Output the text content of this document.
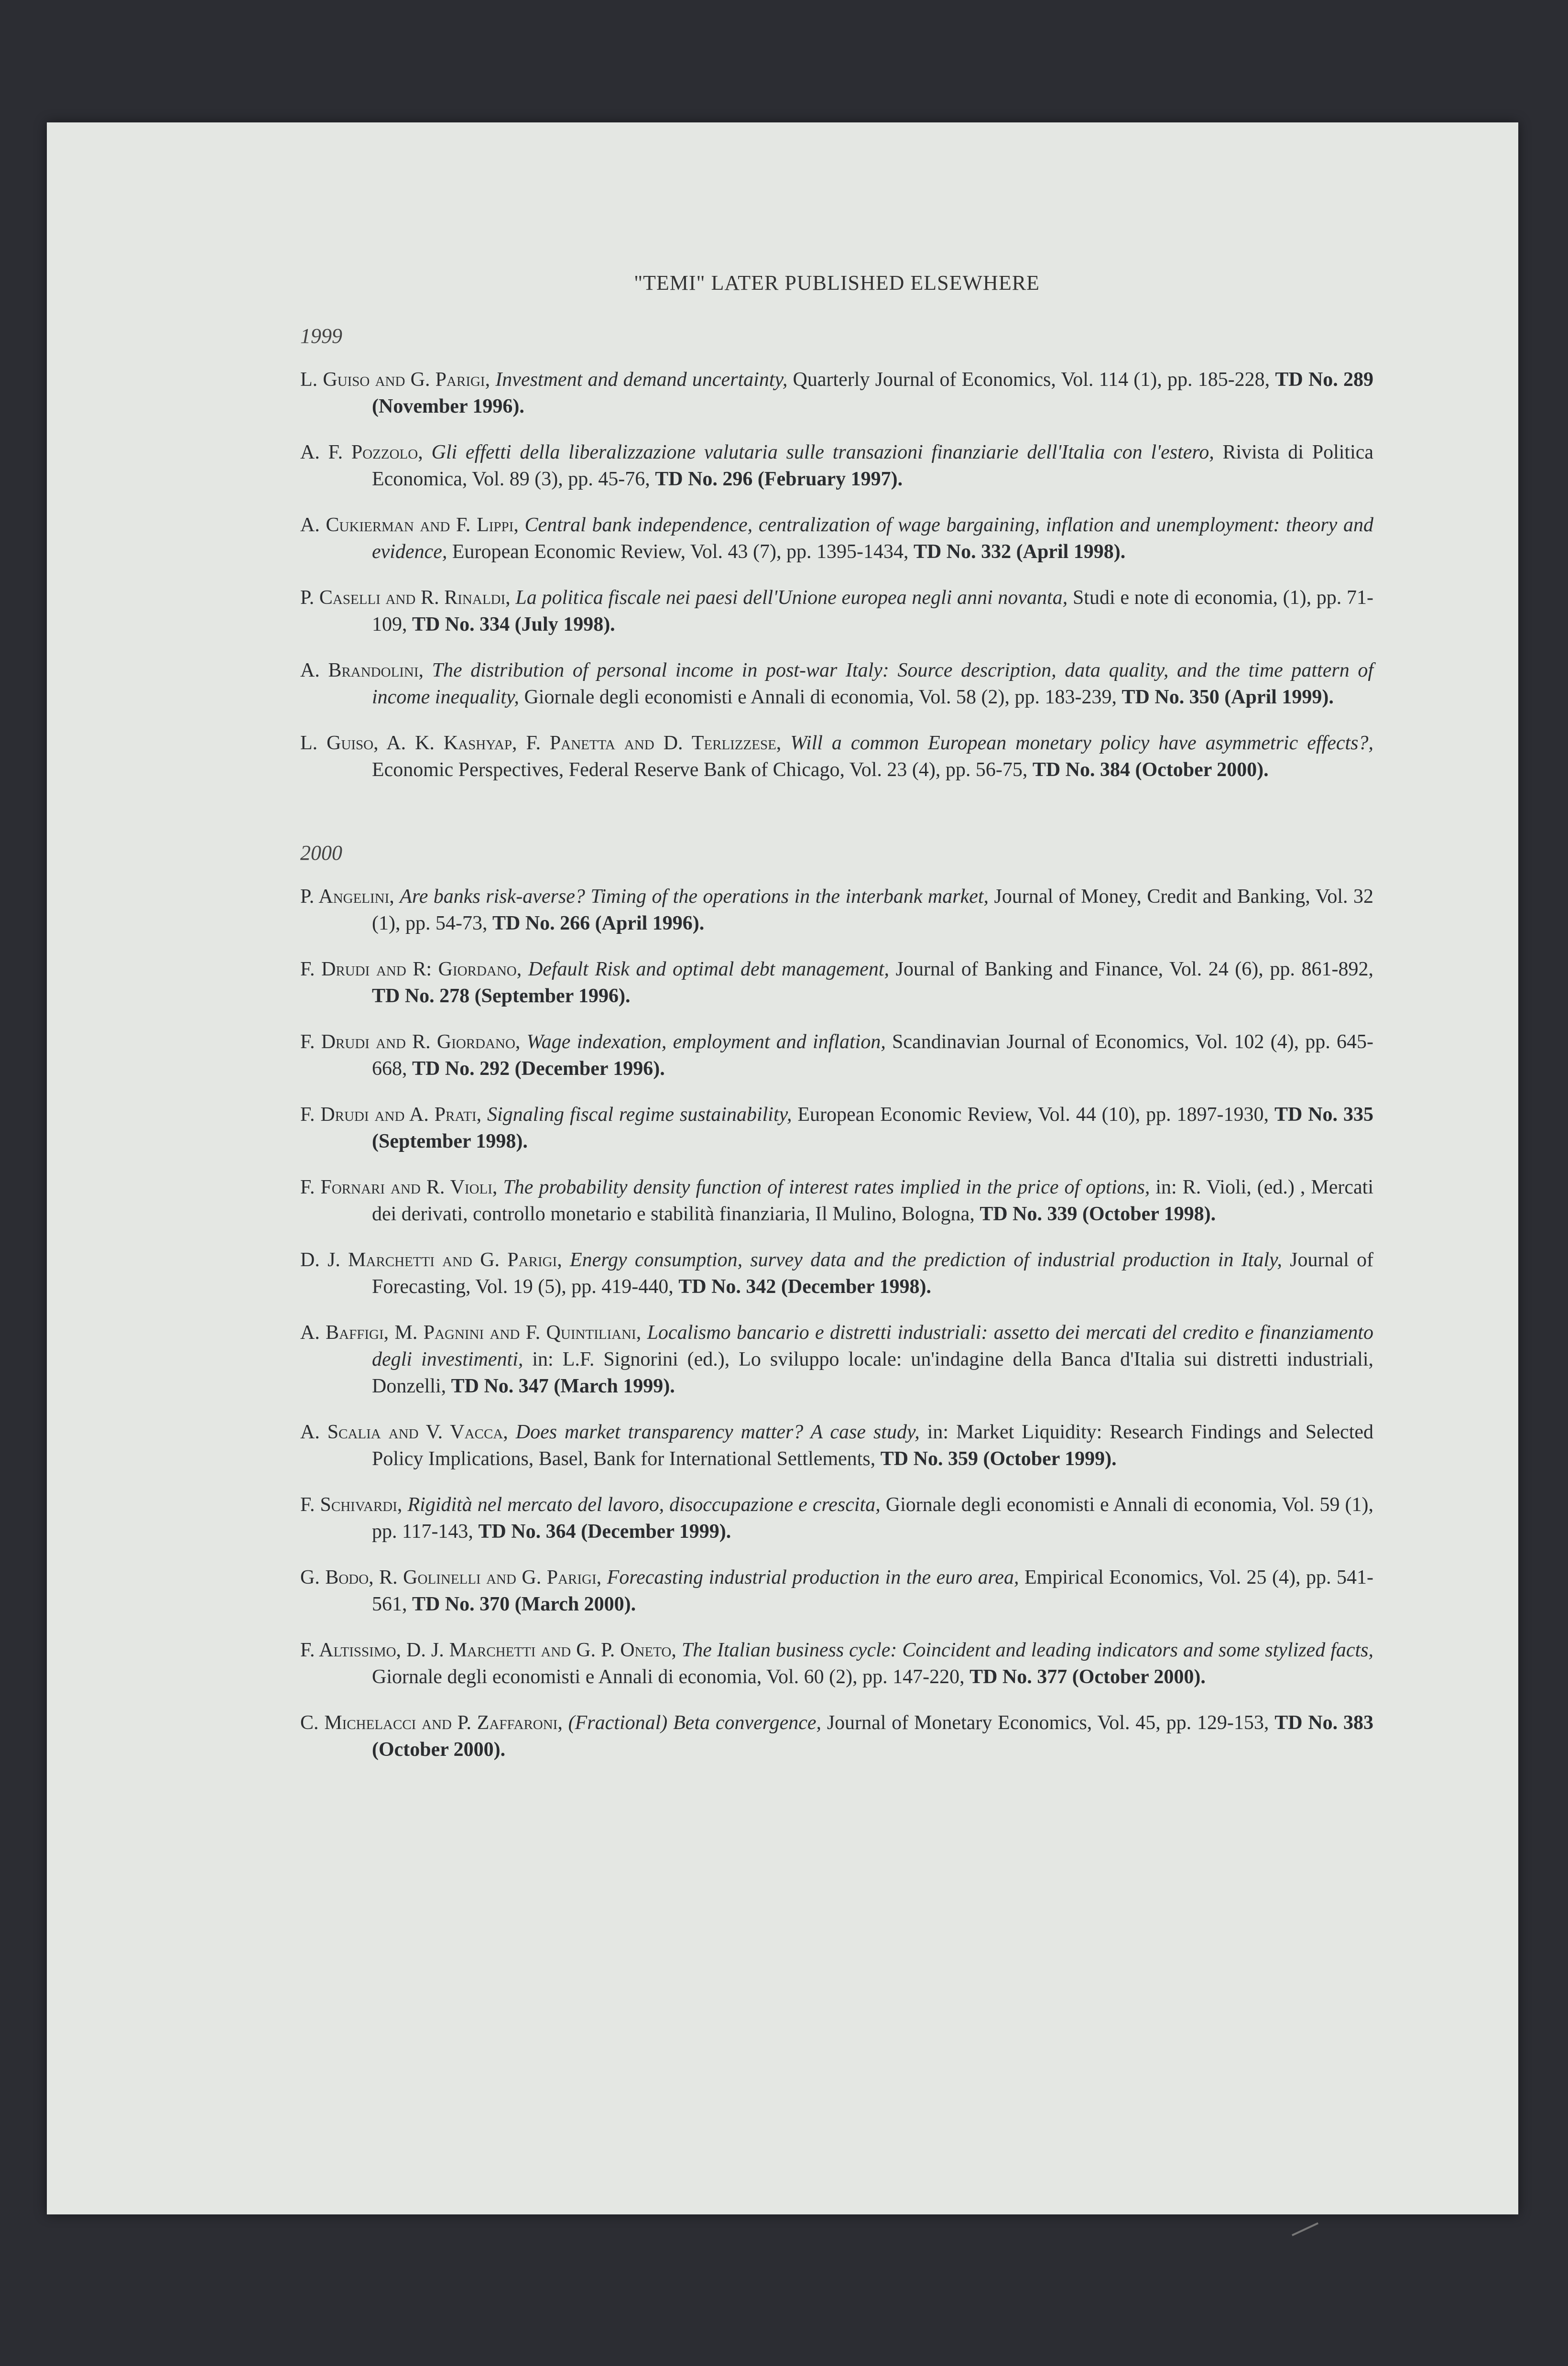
"TEMI" LATER PUBLISHED ELSEWHERE
1999

L. Guiso and G. Parigi, Investment and demand uncertainty, Quarterly Journal of Economics, Vol. 114 (1), pp. 185-228, TD No. 289 (November 1996).

A. F. Pozzolo, Gli effetti della liberalizzazione valutaria sulle transazioni finanziarie dell'Italia con l'estero, Rivista di Politica Economica, Vol. 89 (3), pp. 45-76, TD No. 296 (February 1997).

A. Cukierman and F. Lippi, Central bank independence, centralization of wage bargaining, inflation and unemployment: theory and evidence, European Economic Review, Vol. 43 (7), pp. 1395-1434, TD No. 332 (April 1998).

P. Caselli and R. Rinaldi, La politica fiscale nei paesi dell'Unione europea negli anni novanta, Studi e note di economia, (1), pp. 71-109, TD No. 334 (July 1998).

A. Brandolini, The distribution of personal income in post-war Italy: Source description, data quality, and the time pattern of income inequality, Giornale degli economisti e Annali di economia, Vol. 58 (2), pp. 183-239, TD No. 350 (April 1999).

L. Guiso, A. K. Kashyap, F. Panetta and D. Terlizzese, Will a common European monetary policy have asymmetric effects?, Economic Perspectives, Federal Reserve Bank of Chicago, Vol. 23 (4), pp. 56-75, TD No. 384 (October 2000).

2000

P. Angelini, Are banks risk-averse? Timing of the operations in the interbank market, Journal of Money, Credit and Banking, Vol. 32 (1), pp. 54-73, TD No. 266 (April 1996).

F. Drudi and R: Giordano, Default Risk and optimal debt management, Journal of Banking and Finance, Vol. 24 (6), pp. 861-892, TD No. 278 (September 1996).

F. Drudi and R. Giordano, Wage indexation, employment and inflation, Scandinavian Journal of Economics, Vol. 102 (4), pp. 645-668, TD No. 292 (December 1996).

F. Drudi and A. Prati, Signaling fiscal regime sustainability, European Economic Review, Vol. 44 (10), pp. 1897-1930, TD No. 335 (September 1998).

F. Fornari and R. Violi, The probability density function of interest rates implied in the price of options, in: R. Violi, (ed.) , Mercati dei derivati, controllo monetario e stabilità finanziaria, Il Mulino, Bologna, TD No. 339 (October 1998).

D. J. Marchetti and G. Parigi, Energy consumption, survey data and the prediction of industrial production in Italy, Journal of Forecasting, Vol. 19 (5), pp. 419-440, TD No. 342 (December 1998).

A. Baffigi, M. Pagnini and F. Quintiliani, Localismo bancario e distretti industriali: assetto dei mercati del credito e finanziamento degli investimenti, in: L.F. Signorini (ed.), Lo sviluppo locale: un'indagine della Banca d'Italia sui distretti industriali, Donzelli, TD No. 347 (March 1999).

A. Scalia and V. Vacca, Does market transparency matter? A case study, in: Market Liquidity: Research Findings and Selected Policy Implications, Basel, Bank for International Settlements, TD No. 359 (October 1999).

F. Schivardi, Rigidità nel mercato del lavoro, disoccupazione e crescita, Giornale degli economisti e Annali di economia, Vol. 59 (1), pp. 117-143, TD No. 364 (December 1999).

G. Bodo, R. Golinelli and G. Parigi, Forecasting industrial production in the euro area, Empirical Economics, Vol. 25 (4), pp. 541-561, TD No. 370 (March 2000).

F. Altissimo, D. J. Marchetti and G. P. Oneto, The Italian business cycle: Coincident and leading indicators and some stylized facts, Giornale degli economisti e Annali di economia, Vol. 60 (2), pp. 147-220, TD No. 377 (October 2000).

C. Michelacci and P. Zaffaroni, (Fractional) Beta convergence, Journal of Monetary Economics, Vol. 45, pp. 129-153, TD No. 383 (October 2000).
